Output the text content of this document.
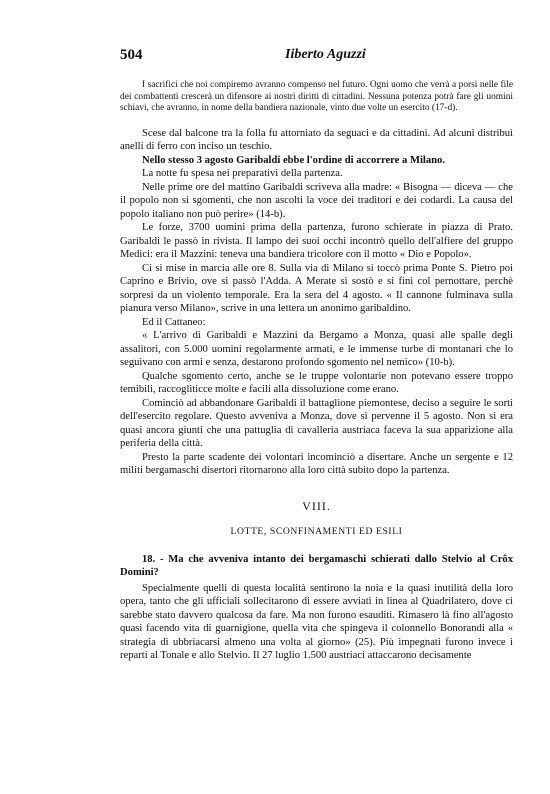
504	Iiberto Aguzzi

I sacrifici che noi compiremo avranno compenso nel futuro. Ogni uomo che verrà a porsi nelle file dei combattenti crescerà un difensore ai nostri diritti di cittadini. Nessuna potenza potrà fare gli uomini schiavi, che avranno, in nome della bandiera nazionale, vinto due volte un esercito (17-d).

Scese dal balcone tra la folla fu attorniato da seguaci e da cittadini. Ad alcuni distribuì anelli di ferro con inciso un teschio.

Nello stesso 3 agosto Garibaldi ebbe l'ordine di accorrere a Milano.

La notte fu spesa nei preparativi della partenza.

Nelle prime ore del mattino Garibaldi scriveva alla madre: « Bisogna — diceva — che il popolo non si sgomenti, che non ascolti la voce dei traditori e dei codardi. La causa del popolo italiano non può perire» (14-b).

Le forze, 3700 uomini prima della partenza, furono schierate in piazza di Prato. Garibaldi le passò in rivista. Il lampo dei suoi occhi incontrò quello dell'alfiere del gruppo Medici: era il Mazzini: teneva una bandiera tricolore con il motto « Dio e Popolo».

Ci si mise in marcia alle ore 8. Sulla via di Milano si toccò prima Ponte S. Pietro poi Caprino e Brivio, ove si passò l'Adda. A Merate si sostò e si finì col pernottare, perchè sorpresi da un violento temporale. Era la sera del 4 agosto. « Il cannone fulminava sulla pianura verso Milano», scrive in una lettera un anonimo garibaldino.

Ed il Cattaneo:

« L'arrivo di Garibaldi e Mazzini da Bergamo a Monza, quasi alle spalle degli assalitori, con 5.000 uomini regolarmente armati, e le immense turbe di montanari che lo seguivano con armi e senza, destarono profondo sgomento nel nemico» (10-b).

Qualche sgomento certo, anche se le truppe volontarie non potevano essere troppo temibili, raccogliticce molte e facili alla dissoluzione come erano.

Cominciò ad abbandonare Garibaldi il battaglione piemontese, deciso a seguire le sorti dell'esercito regolare. Questo avveniva a Monza, dove si pervenne il 5 agosto. Non si era quasi ancora giunti che una pattuglia di cavalleria austriaca faceva la sua apparizione alla periferia della città.

Presto la parte scadente dei volontari incominciò a disertare. Anche un sergente e 12 militi bergamaschi disertori ritornarono alla loro città subito dopo la partenza.

VIII.

LOTTE, SCONFINAMENTI ED ESILI

18. - Ma che avveniva intanto dei bergamaschi schierati dallo Stelvio al Crôx Domini?

Specialmente quelli di questa località sentirono la noia e la quasi inutilità della loro opera, tanto che gli ufficiali sollecitarono di essere avviati in linea al Quadrilatero, dove ci sarebbe stato davvero qualcosa da fare. Ma non furono esauditi. Rimasero là fino all'agosto quasi facendo vita di guarnigione, quella vita che spingeva il colonnello Bonorandi alla « strategia di ubbriacarsi almeno una volta al giorno» (25). Più impegnati furono invece i reparti al Tonale e allo Stelvio. Il 27 luglio 1.500 austriaci attaccarono decisamente
